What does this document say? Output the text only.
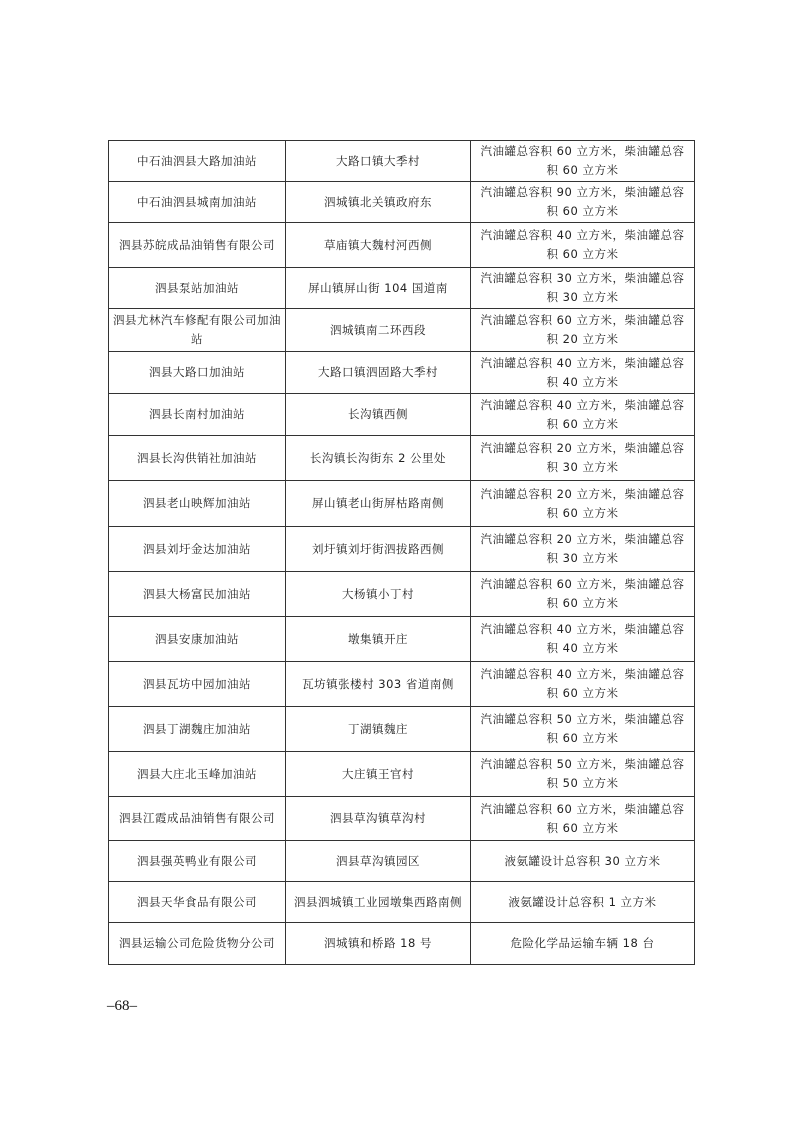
中石油泗县大路加油站	大路口镇大季村	汽油罐总容积 60 立方米，柴油罐总容积 60 立方米
中石油泗县城南加油站	泗城镇北关镇政府东	汽油罐总容积 90 立方米，柴油罐总容积 60 立方米
泗县苏皖成品油销售有限公司	草庙镇大魏村河西侧	汽油罐总容积 40 立方米，柴油罐总容积 60 立方米
泗县泵站加油站	屏山镇屏山街 104 国道南	汽油罐总容积 30 立方米，柴油罐总容积 30 立方米
泗县尤林汽车修配有限公司加油站	泗城镇南二环西段	汽油罐总容积 60 立方米，柴油罐总容积 20 立方米
泗县大路口加油站	大路口镇泗固路大季村	汽油罐总容积 40 立方米，柴油罐总容积 40 立方米
泗县长南村加油站	长沟镇西侧	汽油罐总容积 40 立方米，柴油罐总容积 60 立方米
泗县长沟供销社加油站	长沟镇长沟街东 2 公里处	汽油罐总容积 20 立方米，柴油罐总容积 30 立方米
泗县老山映辉加油站	屏山镇老山街屏枯路南侧	汽油罐总容积 20 立方米，柴油罐总容积 60 立方米
泗县刘圩金达加油站	刘圩镇刘圩街泗拔路西侧	汽油罐总容积 20 立方米，柴油罐总容积 30 立方米
泗县大杨富民加油站	大杨镇小丁村	汽油罐总容积 60 立方米，柴油罐总容积 60 立方米
泗县安康加油站	墩集镇开庄	汽油罐总容积 40 立方米，柴油罐总容积 40 立方米
泗县瓦坊中园加油站	瓦坊镇张楼村 303 省道南侧	汽油罐总容积 40 立方米，柴油罐总容积 60 立方米
泗县丁湖魏庄加油站	丁湖镇魏庄	汽油罐总容积 50 立方米，柴油罐总容积 60 立方米
泗县大庄北玉峰加油站	大庄镇王官村	汽油罐总容积 50 立方米，柴油罐总容积 50 立方米
泗县江霞成品油销售有限公司	泗县草沟镇草沟村	汽油罐总容积 60 立方米，柴油罐总容积 60 立方米
泗县强英鸭业有限公司	泗县草沟镇园区	液氨罐设计总容积 30 立方米
泗县天华食品有限公司	泗县泗城镇工业园墩集西路南侧	液氨罐设计总容积 1 立方米
泗县运输公司危险货物分公司	泗城镇和桥路 18 号	危险化学品运输车辆 18 台
–68–
